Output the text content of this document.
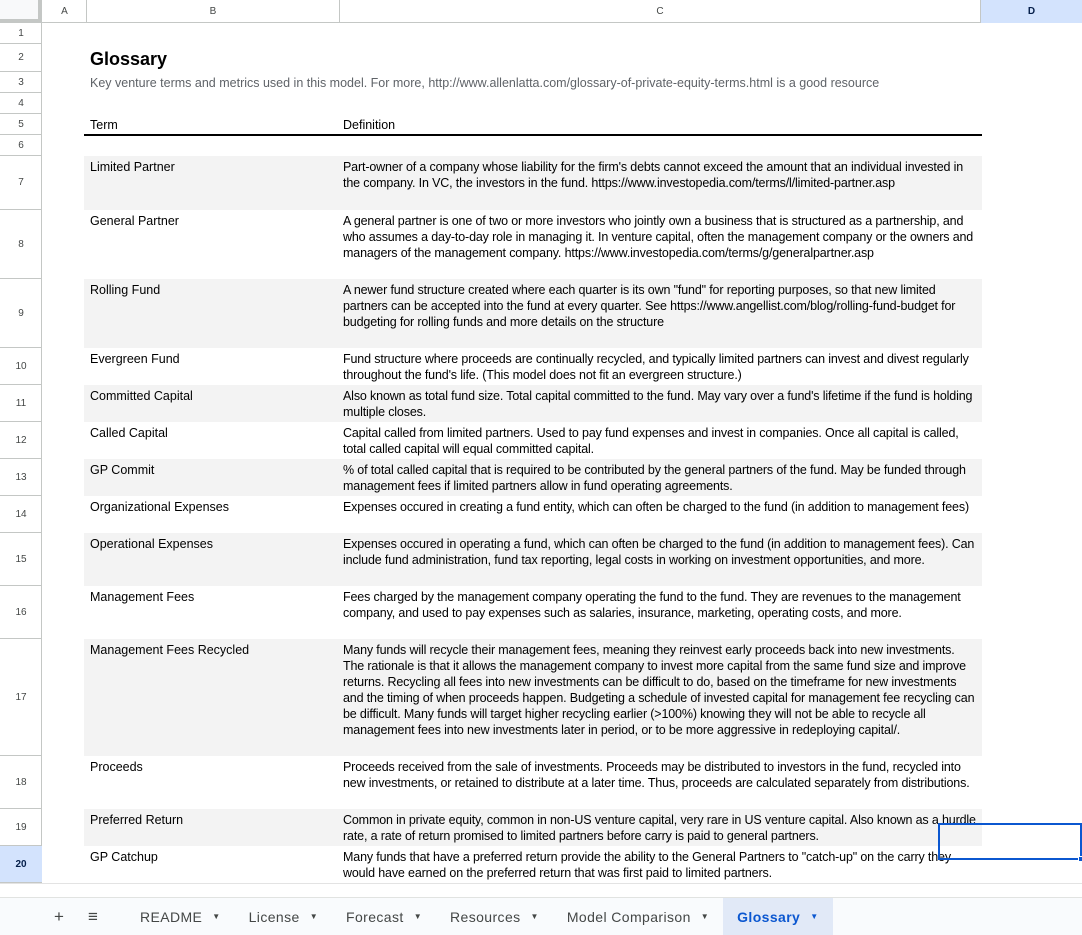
A	B	C	D
1
2
3
4
5
6
7
8
9
10
11
12
13
14
15
16
17
18
19
20
Glossary
Key venture terms and metrics used in this model. For more, http://www.allenlatta.com/glossary-of-private-equity-terms.html is a good resource
Term	Definition
Limited Partner	Part-owner of a company whose liability for the firm's debts cannot exceed the amount that an individual invested in the company. In VC, the investors in the fund. https://www.investopedia.com/terms/l/limited-partner.asp
General Partner	A general partner is one of two or more investors who jointly own a business that is structured as a partnership, and who assumes a day-to-day role in managing it. In venture capital, often the management company or the owners and managers of the management company. https://www.investopedia.com/terms/g/generalpartner.asp
Rolling Fund	A newer fund structure created where each quarter is its own "fund" for reporting purposes, so that new limited partners can be accepted into the fund at every quarter. See https://www.angellist.com/blog/rolling-fund-budget for budgeting for rolling funds and more details on the structure
Evergreen Fund	Fund structure where proceeds are continually recycled, and typically limited partners can invest and divest regularly throughout the fund's life. (This model does not fit an evergreen structure.)
Committed Capital	Also known as total fund size. Total capital committed to the fund. May vary over a fund's lifetime if the fund is holding multiple closes.
Called Capital	Capital called from limited partners. Used to pay fund expenses and invest in companies. Once all capital is called, total called capital will equal committed capital.
GP Commit	% of total called capital that is required to be contributed by the general partners of the fund. May be funded through management fees if limited partners allow in fund operating agreements.
Organizational Expenses	Expenses occured in creating a fund entity, which can often be charged to the fund (in addition to management fees)
Operational Expenses	Expenses occured in operating a fund, which can often be charged to the fund (in addition to management fees). Can include fund administration, fund tax reporting, legal costs in working on investment opportunities, and more.
Management Fees	Fees charged by the management company operating the fund to the fund. They are revenues to the management company, and used to pay expenses such as salaries, insurance, marketing, operating costs, and more.
Management Fees Recycled	Many funds will recycle their management fees, meaning they reinvest early proceeds back into new investments. The rationale is that it allows the management company to invest more capital from the same fund size and improve returns. Recycling all fees into new investments can be difficult to do, based on the timeframe for new investments and the timing of when proceeds happen. Budgeting a schedule of invested capital for management fee recycling can be difficult. Many funds will target higher recycling earlier (>100%) knowing they will not be able to recycle all management fees into new investments later in period, or to be more aggressive in redeploying capital/.
Proceeds	Proceeds received from the sale of investments. Proceeds may be distributed to investors in the fund, recycled into new investments, or retained to distribute at a later time. Thus, proceeds are calculated separately from distributions.
Preferred Return	Common in private equity, common in non-US venture capital, very rare in US venture capital. Also known as a hurdle rate, a rate of return promised to limited partners before carry is paid to general partners.
GP Catchup	Many funds that have a preferred return provide the ability to the General Partners to "catch-up" on the carry they would have earned on the preferred return that was first paid to limited partners.
+ ≡	README ▼ License ▼ Forecast ▼ Resources ▼ Model Comparison ▼ Glossary ▼
